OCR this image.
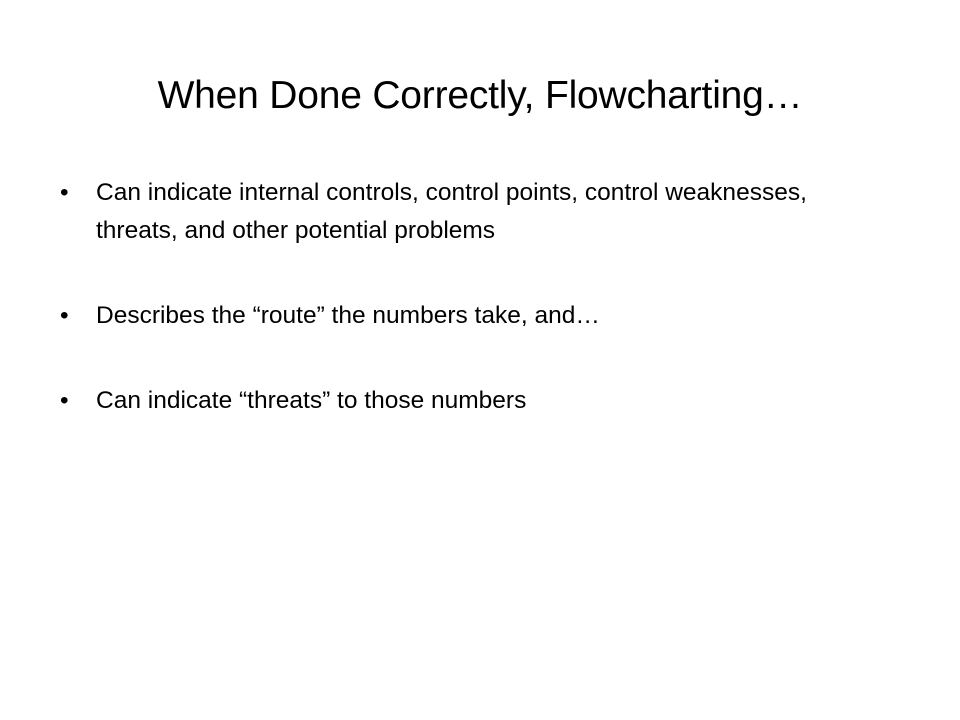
When Done Correctly, Flowcharting…
•	Can indicate internal controls, control points, control weaknesses, threats, and other potential problems
•	Describes the “route” the numbers take, and…
•	Can indicate “threats” to those numbers
